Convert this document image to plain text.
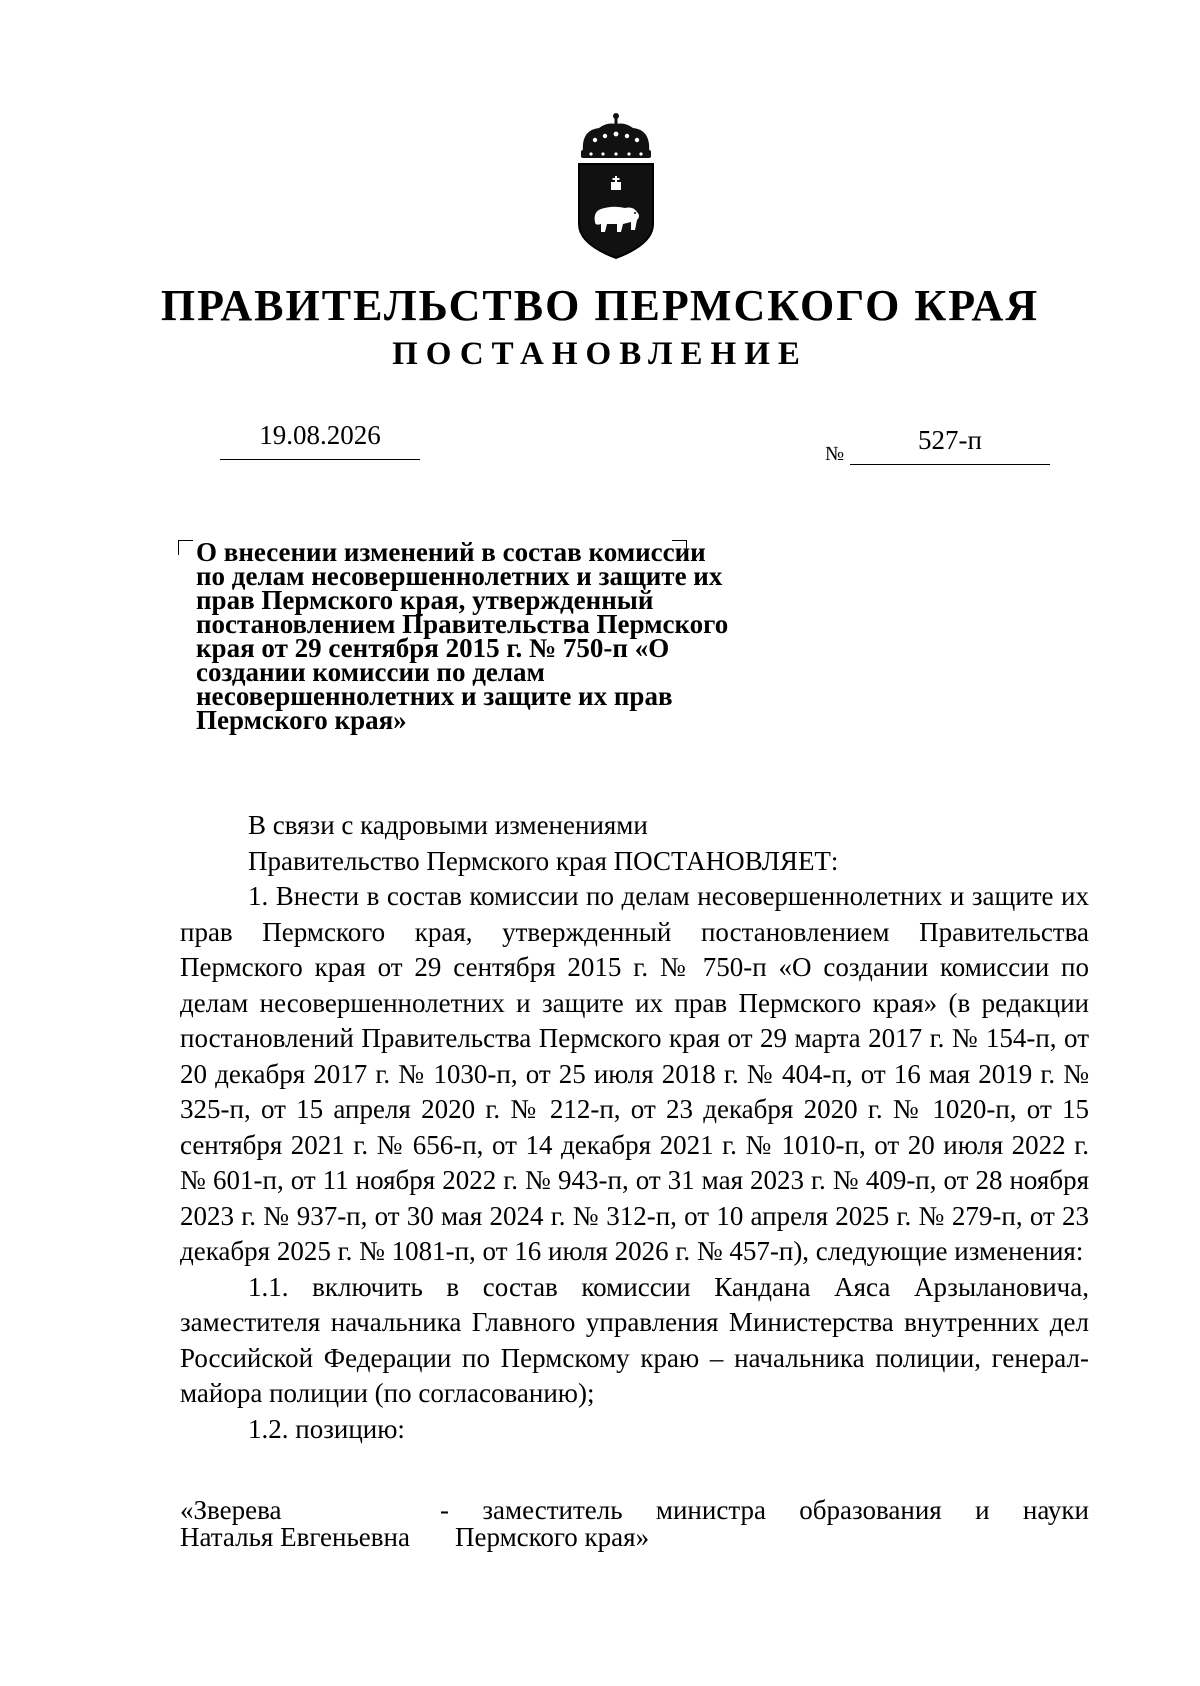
ПРАВИТЕЛЬСТВО ПЕРМСКОГО КРАЯ
ПОСТАНОВЛЕНИЕ
19.08.2026
№	527-п

О внесении изменений в состав комиссии по делам несовершеннолетних и защите их прав Пермского края, утвержденный постановлением Правительства Пермского края от 29 сентября 2015 г. № 750-п «О создании комиссии по делам несовершеннолетних и защите их прав Пермского края»

В связи с кадровыми изменениями

Правительство Пермского края ПОСТАНОВЛЯЕТ:

1. Внести в состав комиссии по делам несовершеннолетних и защите их прав Пермского края, утвержденный постановлением Правительства Пермского края от 29 сентября 2015 г. № 750-п «О создании комиссии по делам несовершеннолетних и защите их прав Пермского края» (в редакции постановлений Правительства Пермского края от 29 марта 2017 г. № 154-п, от 20 декабря 2017 г. № 1030-п, от 25 июля 2018 г. № 404-п, от 16 мая 2019 г. № 325-п, от 15 апреля 2020 г. № 212-п, от 23 декабря 2020 г. № 1020-п, от 15 сентября 2021 г. № 656-п, от 14 декабря 2021 г. № 1010-п, от 20 июля 2022 г. № 601-п, от 11 ноября 2022 г. № 943-п, от 31 мая 2023 г. № 409-п, от 28 ноября 2023 г. № 937-п, от 30 мая 2024 г. № 312-п, от 10 апреля 2025 г. № 279-п, от 23 декабря 2025 г. № 1081-п, от 16 июля 2026 г. № 457-п), следующие изменения:

1.1. включить в состав комиссии Кандана Аяса Арзылановича, заместителя начальника Главного управления Министерства внутренних дел Российской Федерации по Пермскому краю – начальника полиции, генерал-майора полиции (по согласованию);

1.2. позицию:

«Зверева
Наталья Евгеньевна
- заместитель министра образования и науки
Пермского края»
